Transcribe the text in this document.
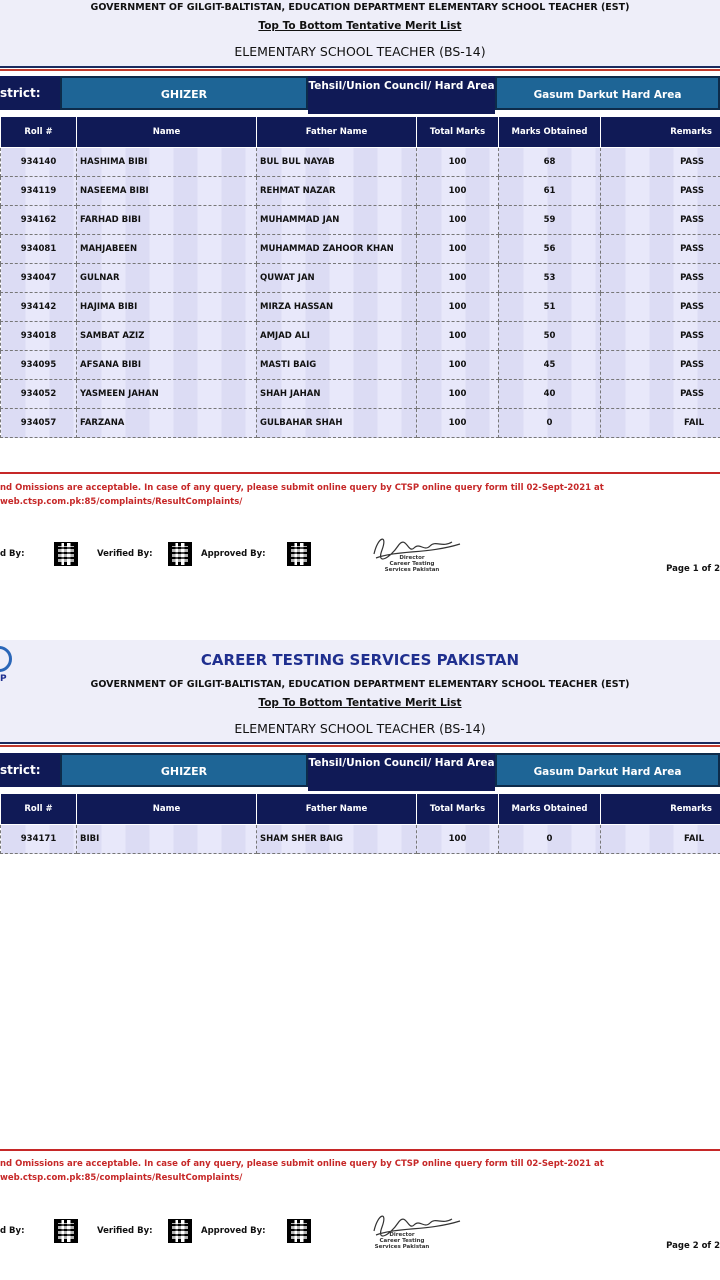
GOVERNMENT OF GILGIT-BALTISTAN, EDUCATION DEPARTMENT ELEMENTARY SCHOOL TEACHER (EST)
Top To Bottom Tentative Merit List
ELEMENTARY SCHOOL TEACHER (BS-14)
strict:	GHIZER
Tehsil/Union Council/ Hard Area
Gasum Darkut Hard Area
Roll #	Name	Father Name	Total Marks	Marks Obtained	Remarks
934140	HASHIMA BIBI	BUL BUL NAYAB	100	68	PASS
934119	NASEEMA BIBI	REHMAT NAZAR	100	61	PASS
934162	FARHAD BIBI	MUHAMMAD JAN	100	59	PASS
934081	MAHJABEEN	MUHAMMAD ZAHOOR KHAN	100	56	PASS
934047	GULNAR	QUWAT JAN	100	53	PASS
934142	HAJIMA BIBI	MIRZA HASSAN	100	51	PASS
934018	SAMBAT AZIZ	AMJAD ALI	100	50	PASS
934095	AFSANA BIBI	MASTI BAIG	100	45	PASS
934052	YASMEEN JAHAN	SHAH JAHAN	100	40	PASS
934057	FARZANA	GULBAHAR SHAH	100	0	FAIL
nd Omissions are acceptable. In case of any query, please submit online query by CTSP online query form till 02-Sept-2021 at
web.ctsp.com.pk:85/complaints/ResultComplaints/
d By:	Verified By:	Approved By:	Director
Career Testing
Services Pakistan	Page 1 of 2
P
CAREER TESTING SERVICES PAKISTAN
GOVERNMENT OF GILGIT-BALTISTAN, EDUCATION DEPARTMENT ELEMENTARY SCHOOL TEACHER (EST)
Top To Bottom Tentative Merit List
ELEMENTARY SCHOOL TEACHER (BS-14)
strict:	GHIZER
Tehsil/Union Council/ Hard Area
Gasum Darkut Hard Area
Roll #	Name	Father Name	Total Marks	Marks Obtained	Remarks
934171	BIBI	SHAM SHER BAIG	100	0	FAIL
nd Omissions are acceptable. In case of any query, please submit online query by CTSP online query form till 02-Sept-2021 at
web.ctsp.com.pk:85/complaints/ResultComplaints/
d By:	Verified By:	Approved By:	Director
Career Testing
Services Pakistan	Page 2 of 2
